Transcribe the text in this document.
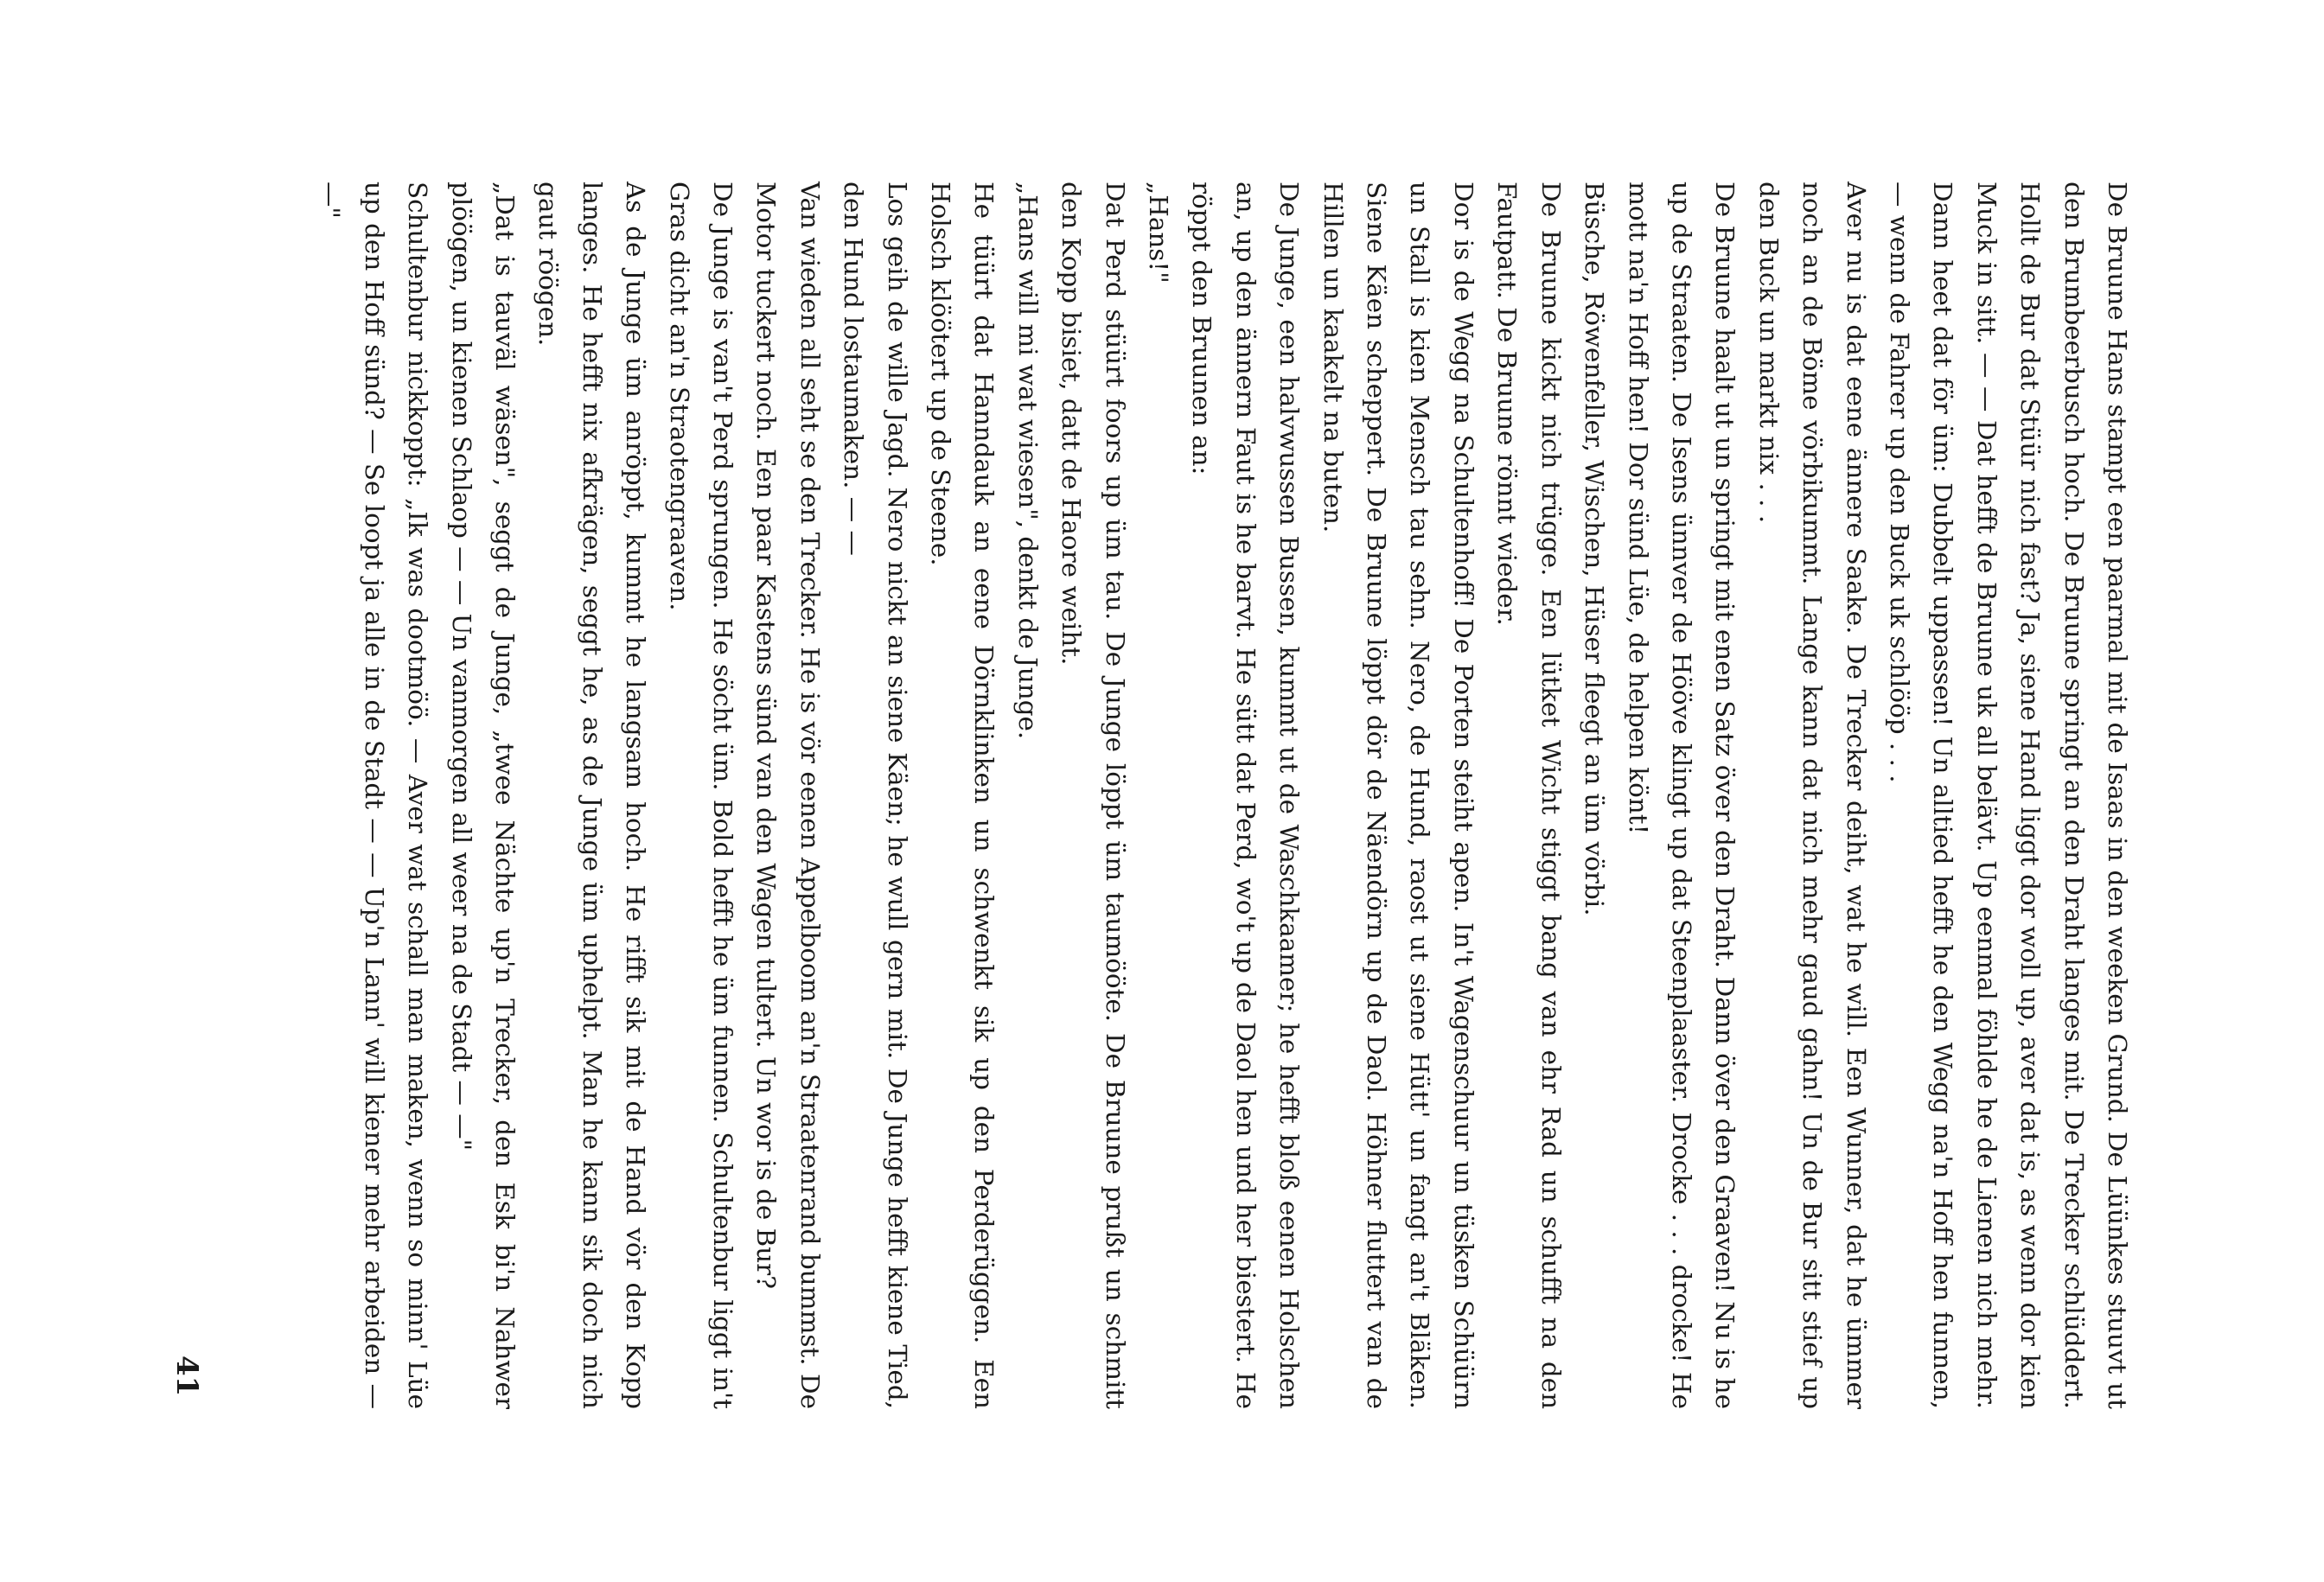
De Bruune Hans stampt een paarmal mit de Isaas in den weeken Grund. De Lüünkes stuuvt ut den Brumbeerbusch hoch. De Bruune springt an den Draht langes mit. De Trecker schlüddert. Hollt de Bur dat Stüür nich fast? Ja, siene Hand liggt dor woll up, aver dat is, as wenn dor kien Muck in sitt. — — Dat hefft de Bruune uk all belävt. Up eenmal föhlde he de Lienen nich mehr. Dann heet dat för üm: Dubbelt uppassen! Un alltied hefft he den Wegg na'n Hoff hen funnen, — wenn de Fahrer up den Buck uk schlööp . . .

Aver nu is dat eene ännere Saake. De Trecker deiht, wat he will. Een Wunner, dat he ümmer noch an de Böme vörbikummt. Lange kann dat nich mehr gaud gahn! Un de Bur sitt stief up den Buck un markt nix . . .

De Bruune haalt ut un springt mit enen Satz över den Draht. Dann över den Graaven! Nu is he up de Straaten. De Isens ünnver de Hööve klingt up dat Steenplaaster. Drocke . . . drocke! He mott na'n Hoff hen! Dor sünd Lüe, de helpen könt!

Büsche, Röwenfeller, Wischen, Hüser fleegt an üm vörbi.

De Bruune kickt nich trügge. Een lütket Wicht stiggt bang van ehr Rad un schufft na den Fautpatt. De Bruune rönnt wieder.

Dor is de Wegg na Schultenhoff! De Porten steiht apen. In't Wagenschuur un tüsken Schüürn un Stall is kien Mensch tau sehn. Nero, de Hund, raost ut siene Hütt' un fangt an't Bläken. Siene Käen scheppert. De Bruune löppt dör de Näendörn up de Daol. Höhner fluttert van de Hillen un kaakelt na buten.

De Junge, een halvwussen Bussen, kummt ut de Waschkaamer; he hefft bloß eenen Holschen an, up den ännern Faut is he barvt. He sütt dat Perd, wo't up de Daol hen und her biestert. He röppt den Bruunen an:

„Hans!"

Dat Perd stüürt foors up üm tau. De Junge löppt üm taumööte. De Bruune prußt un schmitt den Kopp bisiet, datt de Haore weiht.

„Hans will mi wat wiesen", denkt de Junge.

He tüürt dat Hanndauk an eene Dörnklinken un schwenkt sik up den Perderüggen. Een Holsch klöötert up de Steene.

Los geih de wille Jagd. Nero nickt an siene Käen; he wull gern mit. De Junge hefft kiene Tied, den Hund lostaumaken. — —

Van wieden all seht se den Trecker. He is vör eenen Appelboom an'n Straatenrand bummst. De Motor tuckert noch. Een paar Kastens sünd van den Wagen tultert. Un wor is de Bur?

De Junge is van't Perd sprungen. He söcht üm. Bold hefft he üm funnen. Schultenbur liggt in't Gras dicht an'n Straotengraaven.

As de Junge üm anröppt, kummt he langsam hoch. He rifft sik mit de Hand vör den Kopp langes. He hefft nix afkrägen, seggt he, as de Junge üm uphelpt. Man he kann sik doch nich gaut röögen.

„Dat is tauväl wäsen", seggt de Junge, „twee Nächte up'n Trecker, den Esk bi'n Nahwer plöögen, un kienen Schlaop — — Un vanmorgen all weer na de Stadt — —"

Schultenbur nickkoppt: „Ik was dootmöö. — Aver wat schall man maken, wenn so minn' Lüe up den Hoff sünd? — Se loopt ja alle in de Stadt — — Up'n Lann' will kiener mehr arbeiden — —"

41
